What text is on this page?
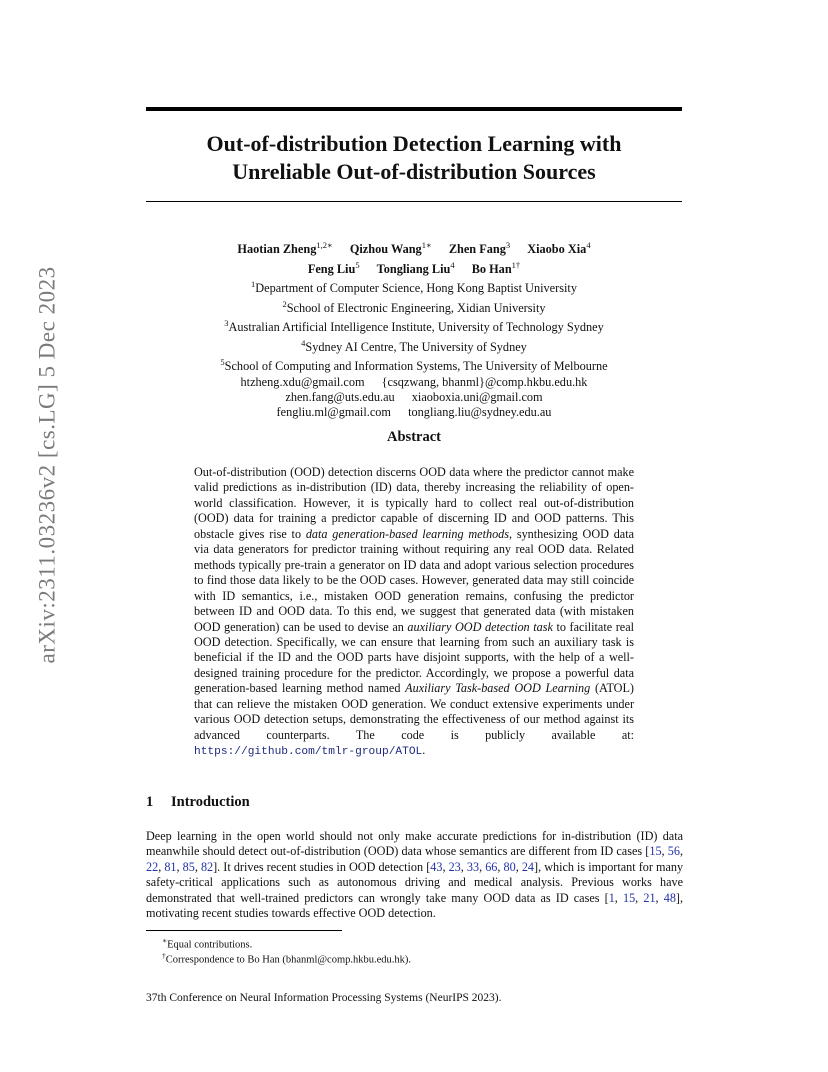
Out-of-distribution Detection Learning with
Unreliable Out-of-distribution Sources
arXiv:2311.03236v2 [cs.LG] 5 Dec 2023
Haotian Zheng$^{1,2∗}$ Qizhou Wang$^{1∗}$ Zhen Fang$^3$ Xiaobo Xia$^4$
Feng Liu$^5$ Tongliang Liu$^4$ Bo Han$^{1\dagger}$
$^1$Department of Computer Science, Hong Kong Baptist University
$^2$School of Electronic Engineering, Xidian University
$^3$Australian Artificial Intelligence Institute, University of Technology Sydney
$^4$Sydney AI Centre, The University of Sydney
$^5$School of Computing and Information Systems, The University of Melbourne
htzheng.xdu@gmail.com {csqzwang, bhanml}@comp.hkbu.edu.hk
zhen.fang@uts.edu.au xiaoboxia.uni@gmail.com
fengliu.ml@gmail.com tongliang.liu@sydney.edu.au
Abstract

Out-of-distribution (OOD) detection discerns OOD data where the predictor cannot make valid predictions as in-distribution (ID) data, thereby increasing the reliability of open-world classification. However, it is typically hard to collect real out-of-distribution (OOD) data for training a predictor capable of discerning ID and OOD patterns. This obstacle gives rise to data generation-based learning methods, synthesizing OOD data via data generators for predictor training without requiring any real OOD data. Related methods typically pre-train a generator on ID data and adopt various selection procedures to find those data likely to be the OOD cases. However, generated data may still coincide with ID semantics, i.e., mistaken OOD generation remains, confusing the predictor between ID and OOD data. To this end, we suggest that generated data (with mistaken OOD generation) can be used to devise an auxiliary OOD detection task to facilitate real OOD detection. Specifically, we can ensure that learning from such an auxiliary task is beneficial if the ID and the OOD parts have disjoint supports, with the help of a well-designed training procedure for the predictor. Accordingly, we propose a powerful data generation-based learning method named Auxiliary Task-based OOD Learning (ATOL) that can relieve the mistaken OOD generation. We conduct extensive experiments under various OOD detection setups, demonstrating the effectiveness of our method against its advanced counterparts. The code is publicly available at: https://github.com/tmlr-group/ATOL.

1 Introduction

Deep learning in the open world should not only make accurate predictions for in-distribution (ID) data meanwhile should detect out-of-distribution (OOD) data whose semantics are different from ID cases [15, 56, 22, 81, 85, 82]. It drives recent studies in OOD detection [43, 23, 33, 66, 80, 24], which is important for many safety-critical applications such as autonomous driving and medical analysis. Previous works have demonstrated that well-trained predictors can wrongly take many OOD data as ID cases [1, 15, 21, 48], motivating recent studies towards effective OOD detection.

∗Equal contributions.
†Correspondence to Bo Han (bhanml@comp.hkbu.edu.hk).
37th Conference on Neural Information Processing Systems (NeurIPS 2023).
